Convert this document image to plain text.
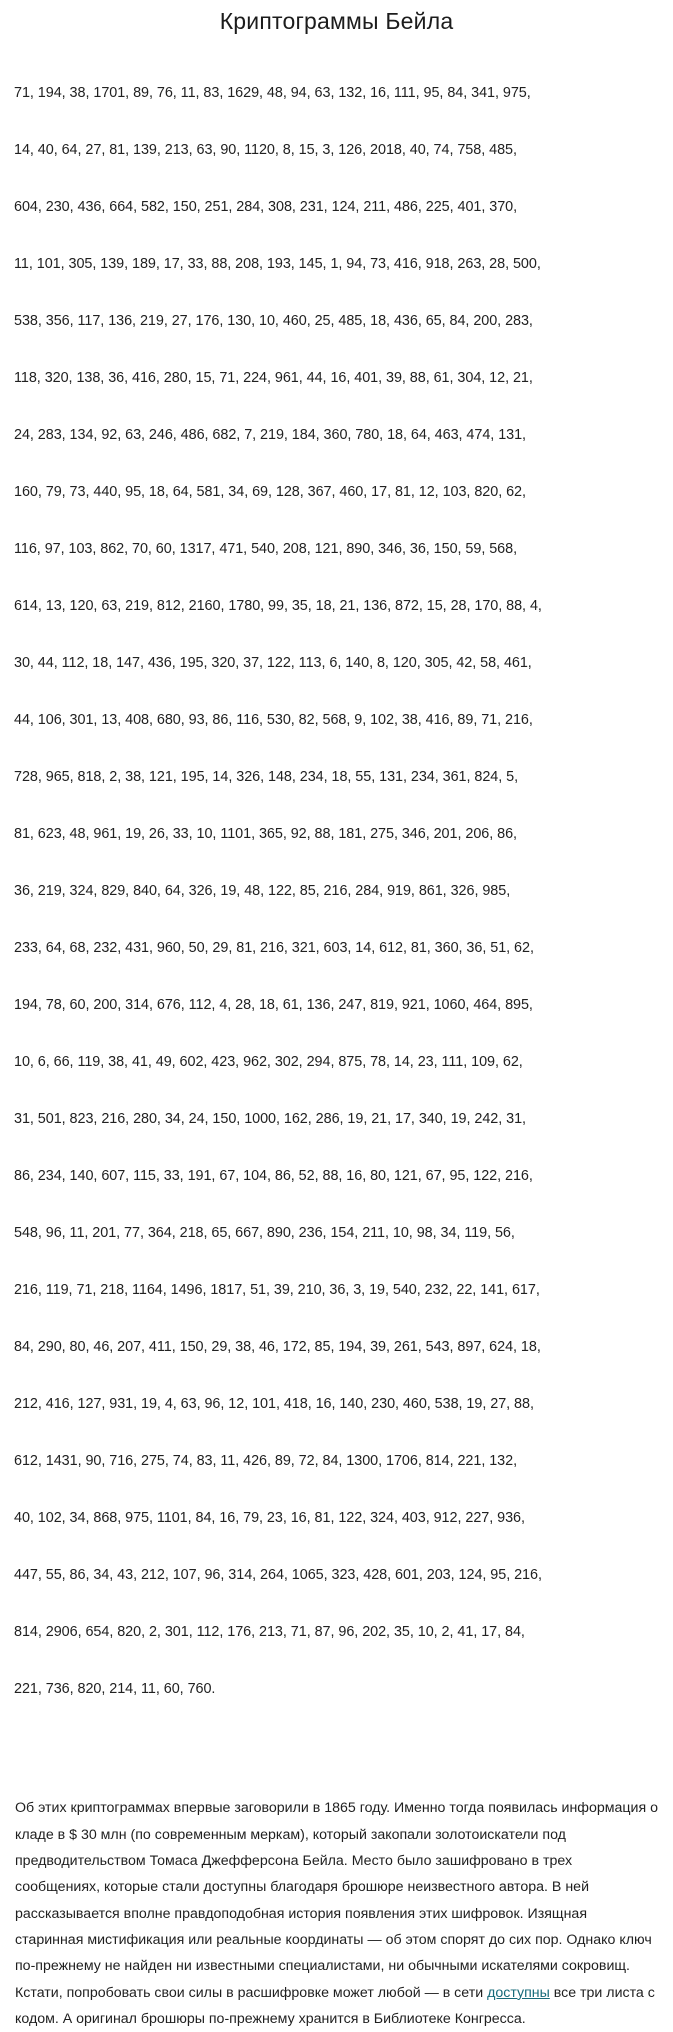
Криптограммы Бейла

71, 194, 38, 1701, 89, 76, 11, 83, 1629, 48, 94, 63, 132, 16, 111, 95, 84, 341, 975,

14, 40, 64, 27, 81, 139, 213, 63, 90, 1120, 8, 15, 3, 126, 2018, 40, 74, 758, 485,

604, 230, 436, 664, 582, 150, 251, 284, 308, 231, 124, 211, 486, 225, 401, 370,

11, 101, 305, 139, 189, 17, 33, 88, 208, 193, 145, 1, 94, 73, 416, 918, 263, 28, 500,

538, 356, 117, 136, 219, 27, 176, 130, 10, 460, 25, 485, 18, 436, 65, 84, 200, 283,

118, 320, 138, 36, 416, 280, 15, 71, 224, 961, 44, 16, 401, 39, 88, 61, 304, 12, 21,

24, 283, 134, 92, 63, 246, 486, 682, 7, 219, 184, 360, 780, 18, 64, 463, 474, 131,

160, 79, 73, 440, 95, 18, 64, 581, 34, 69, 128, 367, 460, 17, 81, 12, 103, 820, 62,

116, 97, 103, 862, 70, 60, 1317, 471, 540, 208, 121, 890, 346, 36, 150, 59, 568,

614, 13, 120, 63, 219, 812, 2160, 1780, 99, 35, 18, 21, 136, 872, 15, 28, 170, 88, 4,

30, 44, 112, 18, 147, 436, 195, 320, 37, 122, 113, 6, 140, 8, 120, 305, 42, 58, 461,

44, 106, 301, 13, 408, 680, 93, 86, 116, 530, 82, 568, 9, 102, 38, 416, 89, 71, 216,

728, 965, 818, 2, 38, 121, 195, 14, 326, 148, 234, 18, 55, 131, 234, 361, 824, 5,

81, 623, 48, 961, 19, 26, 33, 10, 1101, 365, 92, 88, 181, 275, 346, 201, 206, 86,

36, 219, 324, 829, 840, 64, 326, 19, 48, 122, 85, 216, 284, 919, 861, 326, 985,

233, 64, 68, 232, 431, 960, 50, 29, 81, 216, 321, 603, 14, 612, 81, 360, 36, 51, 62,

194, 78, 60, 200, 314, 676, 112, 4, 28, 18, 61, 136, 247, 819, 921, 1060, 464, 895,

10, 6, 66, 119, 38, 41, 49, 602, 423, 962, 302, 294, 875, 78, 14, 23, 111, 109, 62,

31, 501, 823, 216, 280, 34, 24, 150, 1000, 162, 286, 19, 21, 17, 340, 19, 242, 31,

86, 234, 140, 607, 115, 33, 191, 67, 104, 86, 52, 88, 16, 80, 121, 67, 95, 122, 216,

548, 96, 11, 201, 77, 364, 218, 65, 667, 890, 236, 154, 211, 10, 98, 34, 119, 56,

216, 119, 71, 218, 1164, 1496, 1817, 51, 39, 210, 36, 3, 19, 540, 232, 22, 141, 617,

84, 290, 80, 46, 207, 411, 150, 29, 38, 46, 172, 85, 194, 39, 261, 543, 897, 624, 18,

212, 416, 127, 931, 19, 4, 63, 96, 12, 101, 418, 16, 140, 230, 460, 538, 19, 27, 88,

612, 1431, 90, 716, 275, 74, 83, 11, 426, 89, 72, 84, 1300, 1706, 814, 221, 132,

40, 102, 34, 868, 975, 1101, 84, 16, 79, 23, 16, 81, 122, 324, 403, 912, 227, 936,

447, 55, 86, 34, 43, 212, 107, 96, 314, 264, 1065, 323, 428, 601, 203, 124, 95, 216,

814, 2906, 654, 820, 2, 301, 112, 176, 213, 71, 87, 96, 202, 35, 10, 2, 41, 17, 84,

221, 736, 820, 214, 11, 60, 760.

Об этих криптограммах впервые заговорили в 1865 году. Именно тогда появилась информация о кладе в $ 30 млн (по современным меркам), который закопали золотоискатели под предводительством Томаса Джефферсона Бейла. Место было зашифровано в трех сообщениях, которые стали доступны благодаря брошюре неизвестного автора. В ней рассказывается вполне правдоподобная история появления этих шифровок. Изящная старинная мистификация или реальные координаты — об этом спорят до сих пор. Однако ключ по-прежнему не найден ни известными специалистами, ни обычными искателями сокровищ. Кстати, попробовать свои силы в расшифровке может любой — в сети доступны все три листа с кодом. А оригинал брошюры по-прежнему хранится в Библиотеке Конгресса.
